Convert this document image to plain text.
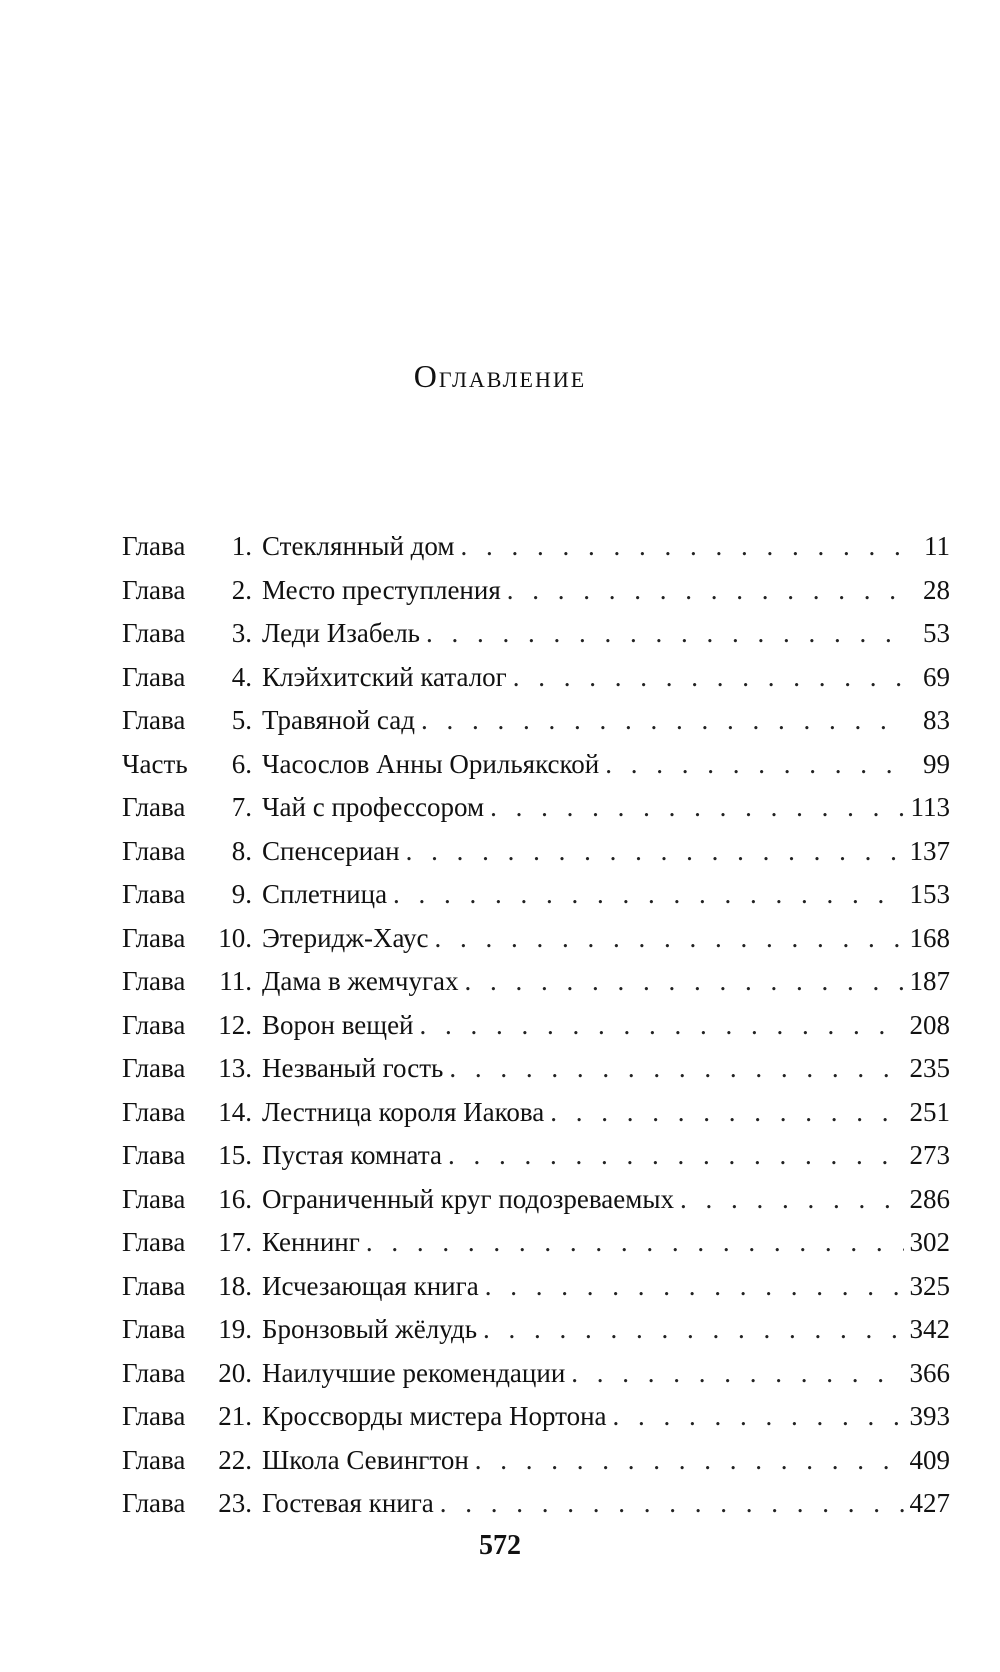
Оглавление
Глава	1. Стеклянный дом . . .	11
Глава	2. Место преступления . . .	28
Глава	3. Леди Изабель . . .	53
Глава	4. Клэйхитский каталог . . .	69
Глава	5. Травяной сад . . .	83
Часть	6. Часослов Анны Орильякской . . .	99
Глава	7. Чай с профессором . . .	113
Глава	8. Спенсериан . . .	137
Глава	9. Сплетница . . .	153
Глава	10. Этеридж-Хаус . . .	168
Глава	11. Дама в жемчугах . . .	187
Глава	12. Ворон вещей . . .	208
Глава	13. Незваный гость . . .	235
Глава	14. Лестница короля Иакова . . .	251
Глава	15. Пустая комната . . .	273
Глава	16. Ограниченный круг подозреваемых . . .	286
Глава	17. Кеннинг . . .	302
Глава	18. Исчезающая книга . . .	325
Глава	19. Бронзовый жёлудь . . .	342
Глава	20. Наилучшие рекомендации . . .	366
Глава	21. Кроссворды мистера Нортона . . .	393
Глава	22. Школа Севингтон . . .	409
Глава	23. Гостевая книга . . .	427
572
